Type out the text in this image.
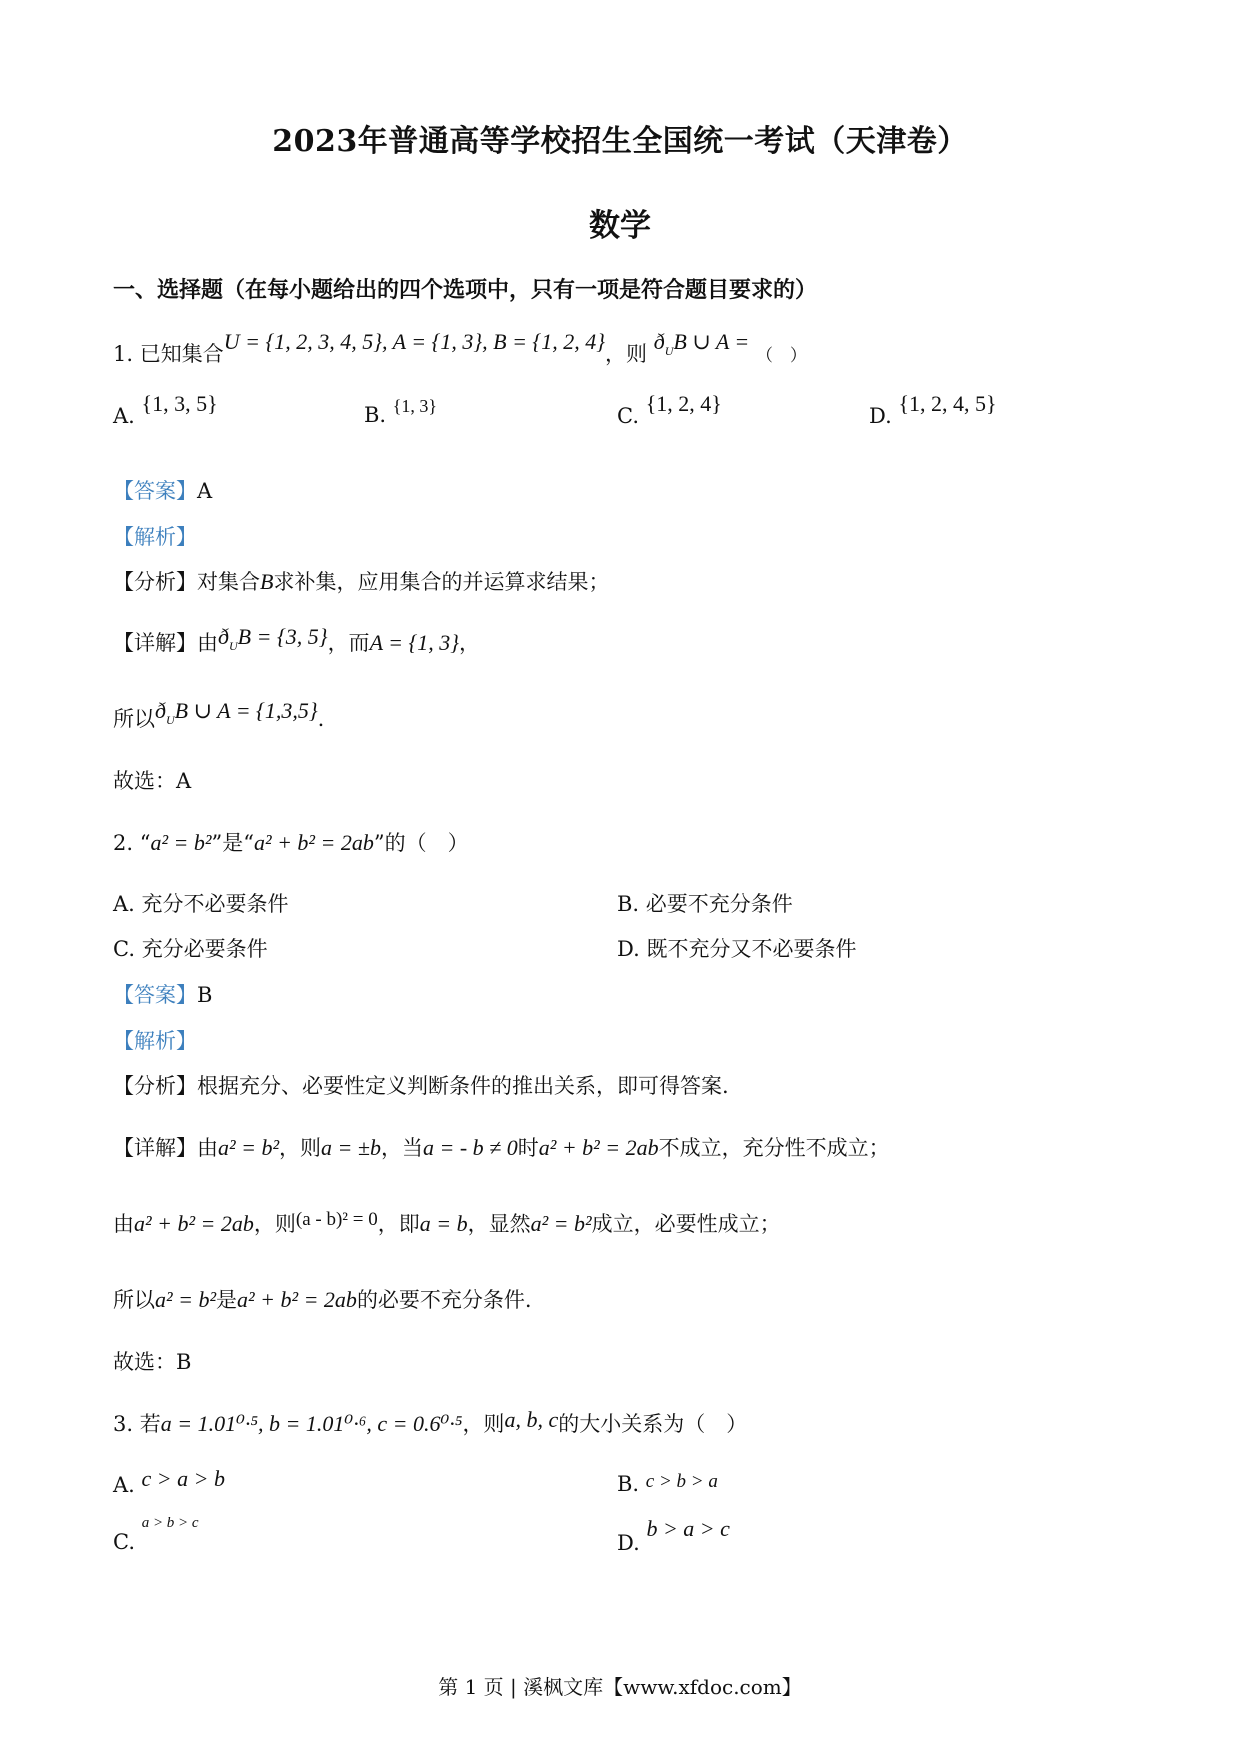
2023年普通高等学校招生全国统一考试（天津卷）
数学
一、选择题（在每小题给出的四个选项中，只有一项是符合题目要求的）
1. 已知集合U = {1, 2, 3, 4, 5}, A = {1, 3}, B = {1, 2, 4}，则 $ð_UB$ ∪ A = （　）
A. {1, 3, 5}	B. {1, 3}	C. {1, 2, 4}	D. {1, 2, 4, 5}
【答案】A
【解析】
【分析】对集合B求补集，应用集合的并运算求结果；
【详解】由$ð_UB = \{3$, 5}，而A = {1, 3}，
所以$ð_UB$ ∪ A = {1,3,5}.
故选：A
2. “a² = b²”是“a² + b² = 2ab”的（　）
A. 充分不必要条件	B. 必要不充分条件
C. 充分必要条件	D. 既不充分又不必要条件
【答案】B
【解析】
【分析】根据充分、必要性定义判断条件的推出关系，即可得答案.
【详解】由a² = b²，则a = ±b，当a = - b ≠ 0时a² + b² = 2ab不成立，充分性不成立；
由a² + b² = 2ab，则(a - b)² = 0，即a = b，显然a² = b²成立，必要性成立；
所以a² = b²是a² + b² = 2ab的必要不充分条件.
故选：B
3. 若a = 1.01⁰·⁵, b = 1.01⁰·⁶, c = 0.6⁰·⁵，则a, b, c的大小关系为（　）
A. c > a > b	B. c > b > a
C. $^{a > b > c}$
D. b > a > c
第 1 页 | 溪枫文库【www.xfdoc.com】
